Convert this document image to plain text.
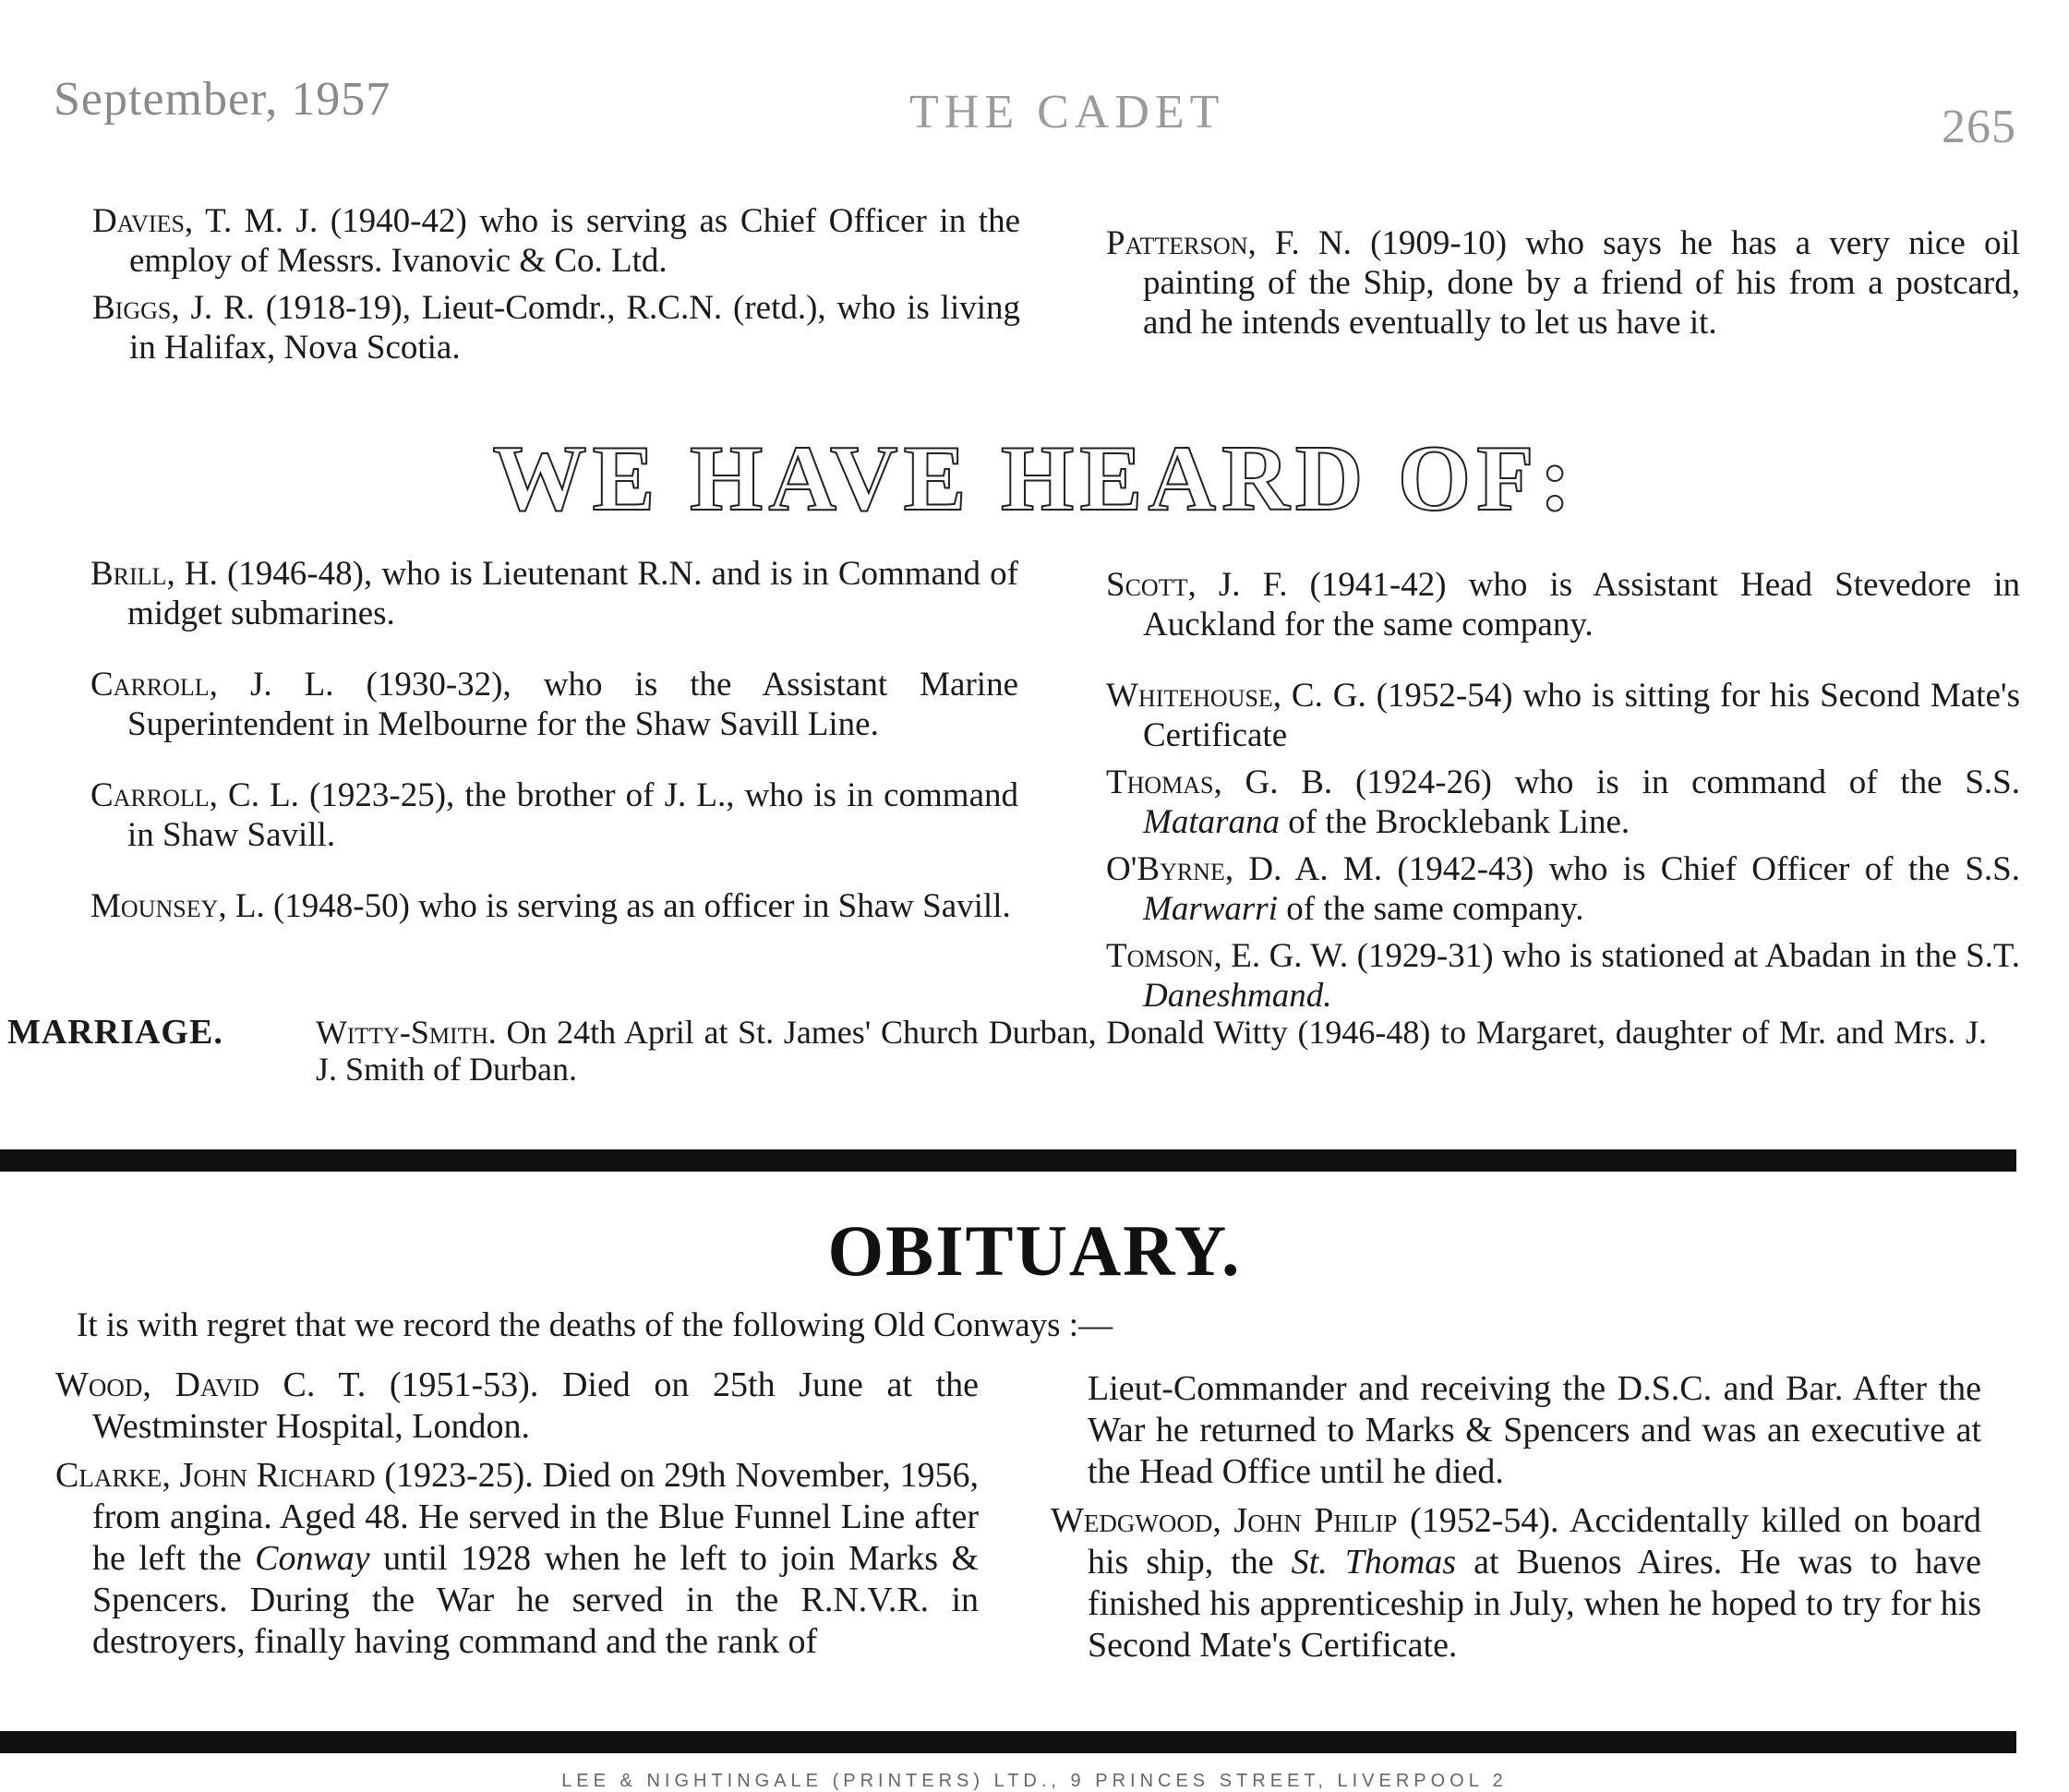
September, 1957	THE CADET	265

Davies, T. M. J. (1940-42) who is serving as Chief Officer in the employ of Messrs. Ivanovic & Co. Ltd.

Biggs, J. R. (1918-19), Lieut-Comdr., R.C.N. (retd.), who is living in Halifax, Nova Scotia.

Patterson, F. N. (1909-10) who says he has a very nice oil painting of the Ship, done by a friend of his from a postcard, and he intends eventually to let us have it.

WE HAVE HEARD OF:

Brill, H. (1946-48), who is Lieutenant R.N. and is in Command of midget submarines.

Carroll, J. L. (1930-32), who is the Assistant Marine Superintendent in Melbourne for the Shaw Savill Line.

Carroll, C. L. (1923-25), the brother of J. L., who is in command in Shaw Savill.

Mounsey, L. (1948-50) who is serving as an officer in Shaw Savill.

Scott, J. F. (1941-42) who is Assistant Head Stevedore in Auckland for the same company.

Whitehouse, C. G. (1952-54) who is sitting for his Second Mate's Certificate

Thomas, G. B. (1924-26) who is in command of the S.S. Matarana of the Brocklebank Line.

O'Byrne, D. A. M. (1942-43) who is Chief Officer of the S.S. Marwarri of the same company.

Tomson, E. G. W. (1929-31) who is stationed at Abadan in the S.T. Daneshmand.

MARRIAGE.	Witty-Smith. On 24th April at St. James' Church Durban, Donald Witty (1946-48) to Margaret, daughter of Mr. and Mrs. J. J. Smith of Durban.
OBITUARY.
It is with regret that we record the deaths of the following Old Conways :—

Wood, David C. T. (1951-53). Died on 25th June at the Westminster Hospital, London.

Clarke, John Richard (1923-25). Died on 29th November, 1956, from angina. Aged 48. He served in the Blue Funnel Line after he left the Conway until 1928 when he left to join Marks & Spencers. During the War he served in the R.N.V.R. in destroyers, finally having command and the rank of

Lieut-Commander and receiving the D.S.C. and Bar. After the War he returned to Marks & Spencers and was an executive at the Head Office until he died.

Wedgwood, John Philip (1952-54). Accidentally killed on board his ship, the St. Thomas at Buenos Aires. He was to have finished his apprenticeship in July, when he hoped to try for his Second Mate's Certificate.

LEE & NIGHTINGALE (PRINTERS) LTD., 9 PRINCES STREET, LIVERPOOL 2
